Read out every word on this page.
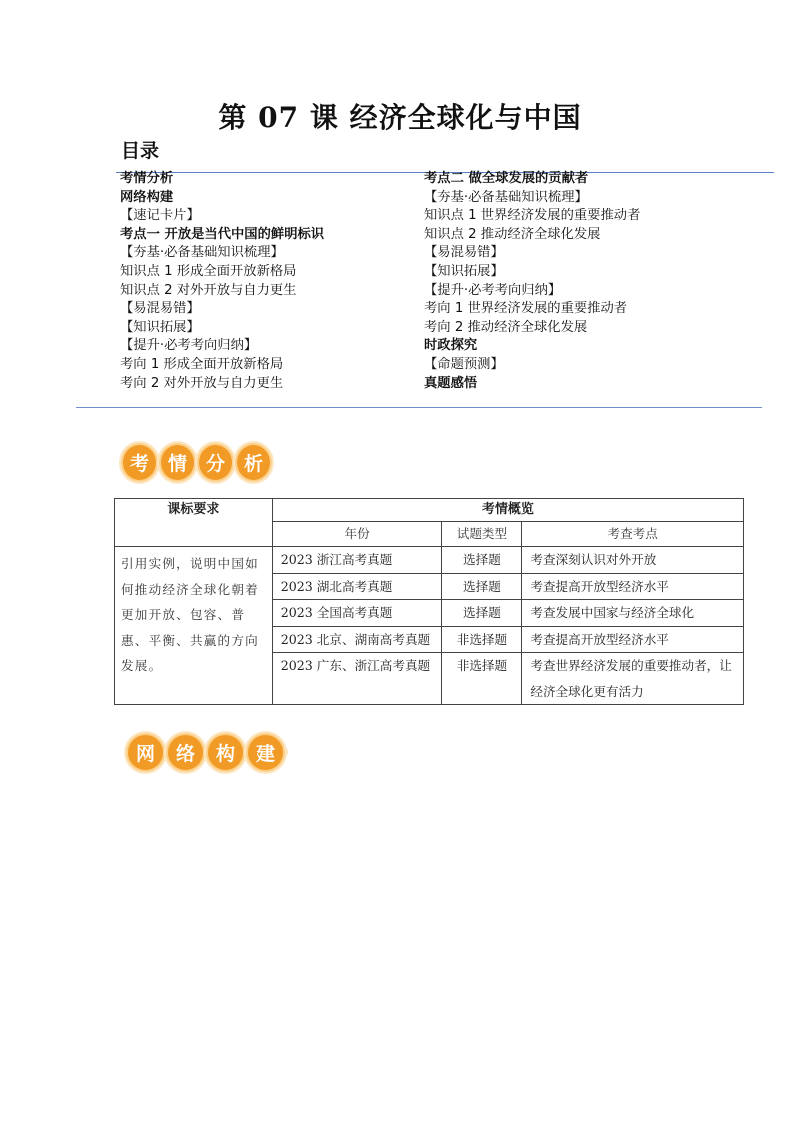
第 07 课 经济全球化与中国
目录
考情分析
网络构建
【速记卡片】
考点一 开放是当代中国的鲜明标识
【夯基·必备基础知识梳理】
知识点 1 形成全面开放新格局
知识点 2 对外开放与自力更生
【易混易错】
【知识拓展】
【提升·必考考向归纳】
考向 1 形成全面开放新格局
考向 2 对外开放与自力更生
考点二 做全球发展的贡献者
【夯基·必备基础知识梳理】
知识点 1 世界经济发展的重要推动者
知识点 2 推动经济全球化发展
【易混易错】
【知识拓展】
【提升·必考考向归纳】
考向 1 世界经济发展的重要推动者
考向 2 推动经济全球化发展
时政探究
【命题预测】
真题感悟
考 情 分 析
课标要求	考情概览		
	年份	试题类型	考查考点
引用实例，说明中国如何推动经济全球化朝着更加开放、包容、普惠、平衡、共赢的方向发展。	2023 浙江高考真题	选择题	考查深刻认识对外开放
	2023 湖北高考真题	选择题	考查提高开放型经济水平
	2023 全国高考真题	选择题	考查发展中国家与经济全球化
	2023 北京、湖南高考真题	非选择题	考查提高开放型经济水平
	2023 广东、浙江高考真题	非选择题	考查世界经济发展的重要推动者，让经济全球化更有活力
网	络	构	建
